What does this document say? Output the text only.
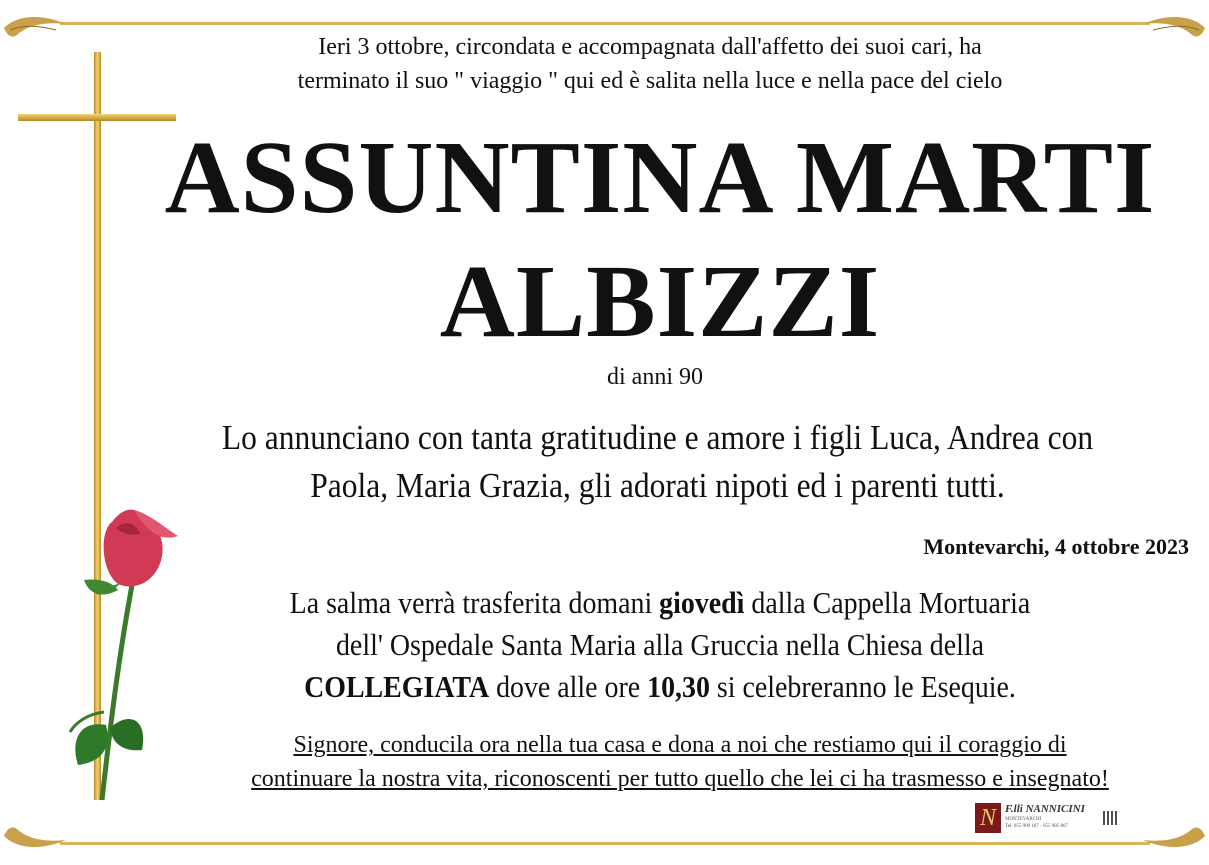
Ieri 3 ottobre, circondata e accompagnata dall'affetto dei suoi cari, ha
terminato il suo " viaggio " qui ed è salita nella luce e nella pace del cielo
ASSUNTINA MARTI
ALBIZZI
di anni 90
Lo annunciano con tanta gratitudine e amore i figli Luca, Andrea con
Paola, Maria Grazia, gli adorati nipoti ed i parenti tutti.
Montevarchi, 4 ottobre 2023
La salma verrà trasferita domani giovedì dalla Cappella Mortuaria
dell' Ospedale Santa Maria alla Gruccia nella Chiesa della
COLLEGIATA dove alle ore 10,30 si celebreranno le Esequie.
Signore, conducila ora nella tua casa e dona a noi che restiamo qui il coraggio di
continuare la nostra vita, riconoscenti per tutto quello che lei ci ha trasmesso e insegnato!
N F.lli NANNICINI
MONTEVARCHI
Tel. 055 900 187 - 055 985 867
